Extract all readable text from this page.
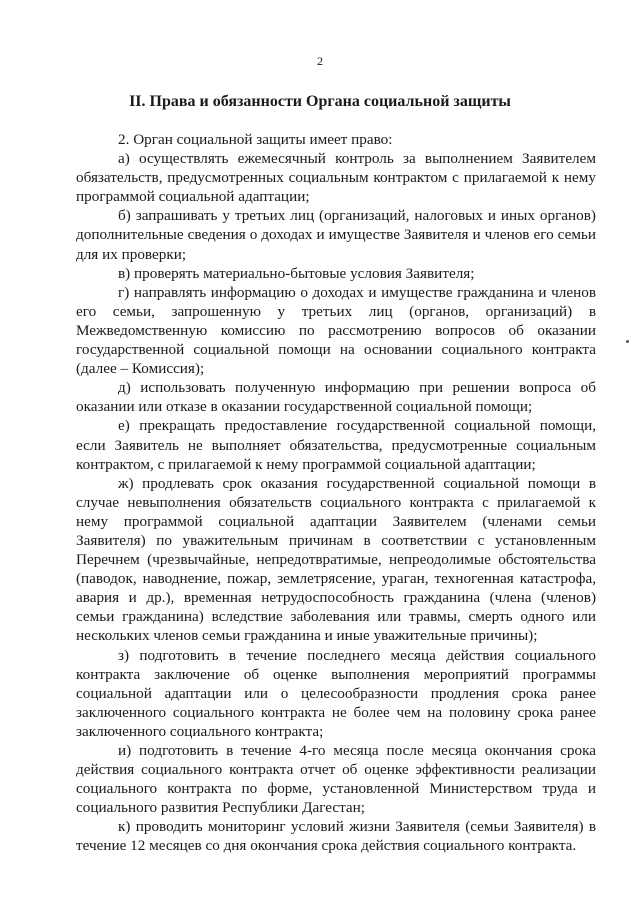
2
II. Права и обязанности Органа социальной защиты

2. Орган социальной защиты имеет право:

а) осуществлять ежемесячный контроль за выполнением Заявителем обязательств, предусмотренных социальным контрактом с прилагаемой к нему программой социальной адаптации;

б) запрашивать у третьих лиц (организаций, налоговых и иных органов) дополнительные сведения о доходах и имуществе Заявителя и членов его семьи для их проверки;

в) проверять материально-бытовые условия Заявителя;

г) направлять информацию о доходах и имуществе гражданина и членов его семьи, запрошенную у третьих лиц (органов, организаций) в Межведомственную комиссию по рассмотрению вопросов об оказании государственной социальной помощи на основании социального контракта (далее – Комиссия);

д) использовать полученную информацию при решении вопроса об оказании или отказе в оказании государственной социальной помощи;

е) прекращать предоставление государственной социальной помощи, если Заявитель не выполняет обязательства, предусмотренные социальным контрактом, с прилагаемой к нему программой социальной адаптации;

ж) продлевать срок оказания государственной социальной помощи в случае невыполнения обязательств социального контракта с прилагаемой к нему программой социальной адаптации Заявителем (членами семьи Заявителя) по уважительным причинам в соответствии с установленным Перечнем (чрезвычайные, непредотвратимые, непреодолимые обстоятельства (паводок, наводнение, пожар, землетрясение, ураган, техногенная катастрофа, авария и др.), временная нетрудоспособность гражданина (члена (членов) семьи гражданина) вследствие заболевания или травмы, смерть одного или нескольких членов семьи гражданина и иные уважительные причины);

з) подготовить в течение последнего месяца действия социального контракта заключение об оценке выполнения мероприятий программы социальной адаптации или о целесообразности продления срока ранее заключенного социального контракта не более чем на половину срока ранее заключенного социального контракта;

и) подготовить в течение 4-го месяца после месяца окончания срока действия социального контракта отчет об оценке эффективности реализации социального контракта по форме, установленной Министерством труда и социального развития Республики Дагестан;

к) проводить мониторинг условий жизни Заявителя (семьи Заявителя) в течение 12 месяцев со дня окончания срока действия социального контракта.
